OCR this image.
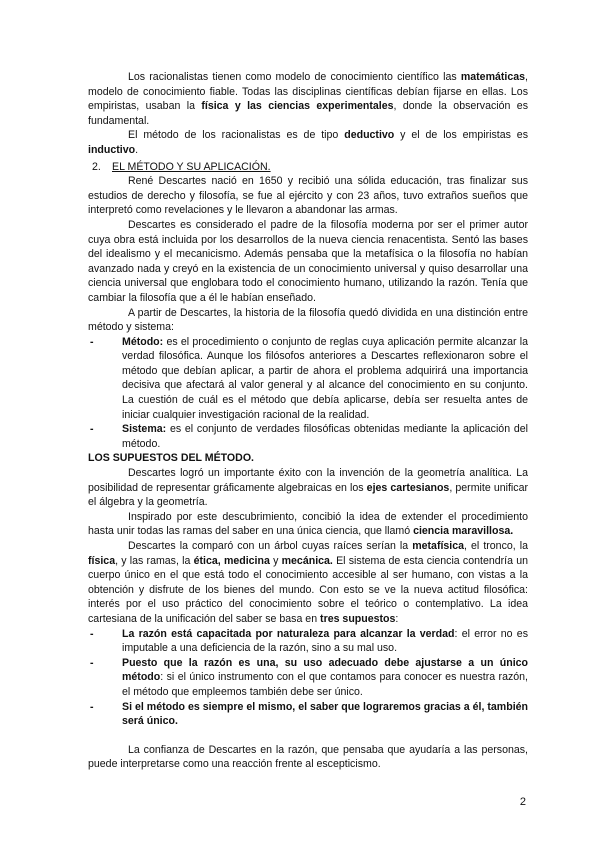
Los racionalistas tienen como modelo de conocimiento científico las matemáticas, modelo de conocimiento fiable. Todas las disciplinas científicas debían fijarse en ellas. Los empiristas, usaban la física y las ciencias experimentales, donde la observación es fundamental.

El método de los racionalistas es de tipo deductivo y el de los empiristas es inductivo.

2. EL MÉTODO Y SU APLICACIÓN.

René Descartes nació en 1650 y recibió una sólida educación, tras finalizar sus estudios de derecho y filosofía, se fue al ejército y con 23 años, tuvo extraños sueños que interpretó como revelaciones y le llevaron a abandonar las armas.

Descartes es considerado el padre de la filosofía moderna por ser el primer autor cuya obra está incluida por los desarrollos de la nueva ciencia renacentista. Sentó las bases del idealismo y el mecanicismo. Además pensaba que la metafísica o la filosofía no habían avanzado nada y creyó en la existencia de un conocimiento universal y quiso desarrollar una ciencia universal que englobara todo el conocimiento humano, utilizando la razón. Tenía que cambiar la filosofía que a él le habían enseñado.

A partir de Descartes, la historia de la filosofía quedó dividida en una distinción entre método y sistema:

-	Método: es el procedimiento o conjunto de reglas cuya aplicación permite alcanzar la verdad filosófica. Aunque los filósofos anteriores a Descartes reflexionaron sobre el método que debían aplicar, a partir de ahora el problema adquirirá una importancia decisiva que afectará al valor general y al alcance del conocimiento en su conjunto. La cuestión de cuál es el método que debía aplicarse, debía ser resuelta antes de iniciar cualquier investigación racional de la realidad.
-	Sistema: es el conjunto de verdades filosóficas obtenidas mediante la aplicación del método.

LOS SUPUESTOS DEL MÉTODO.

Descartes logró un importante éxito con la invención de la geometría analítica. La posibilidad de representar gráficamente algebraicas en los ejes cartesianos, permite unificar el álgebra y la geometría.

Inspirado por este descubrimiento, concibió la idea de extender el procedimiento hasta unir todas las ramas del saber en una única ciencia, que llamó ciencia maravillosa.

Descartes la comparó con un árbol cuyas raíces serían la metafísica, el tronco, la física, y las ramas, la ética, medicina y mecánica. El sistema de esta ciencia contendría un cuerpo único en el que está todo el conocimiento accesible al ser humano, con vistas a la obtención y disfrute de los bienes del mundo. Con esto se ve la nueva actitud filosófica: interés por el uso práctico del conocimiento sobre el teórico o contemplativo. La idea cartesiana de la unificación del saber se basa en tres supuestos:

-	La razón está capacitada por naturaleza para alcanzar la verdad: el error no es imputable a una deficiencia de la razón, sino a su mal uso.
-	Puesto que la razón es una, su uso adecuado debe ajustarse a un único método: si el único instrumento con el que contamos para conocer es nuestra razón, el método que empleemos también debe ser único.
-	Si el método es siempre el mismo, el saber que lograremos gracias a él, también será único.

La confianza de Descartes en la razón, que pensaba que ayudaría a las personas, puede interpretarse como una reacción frente al escepticismo.

2
